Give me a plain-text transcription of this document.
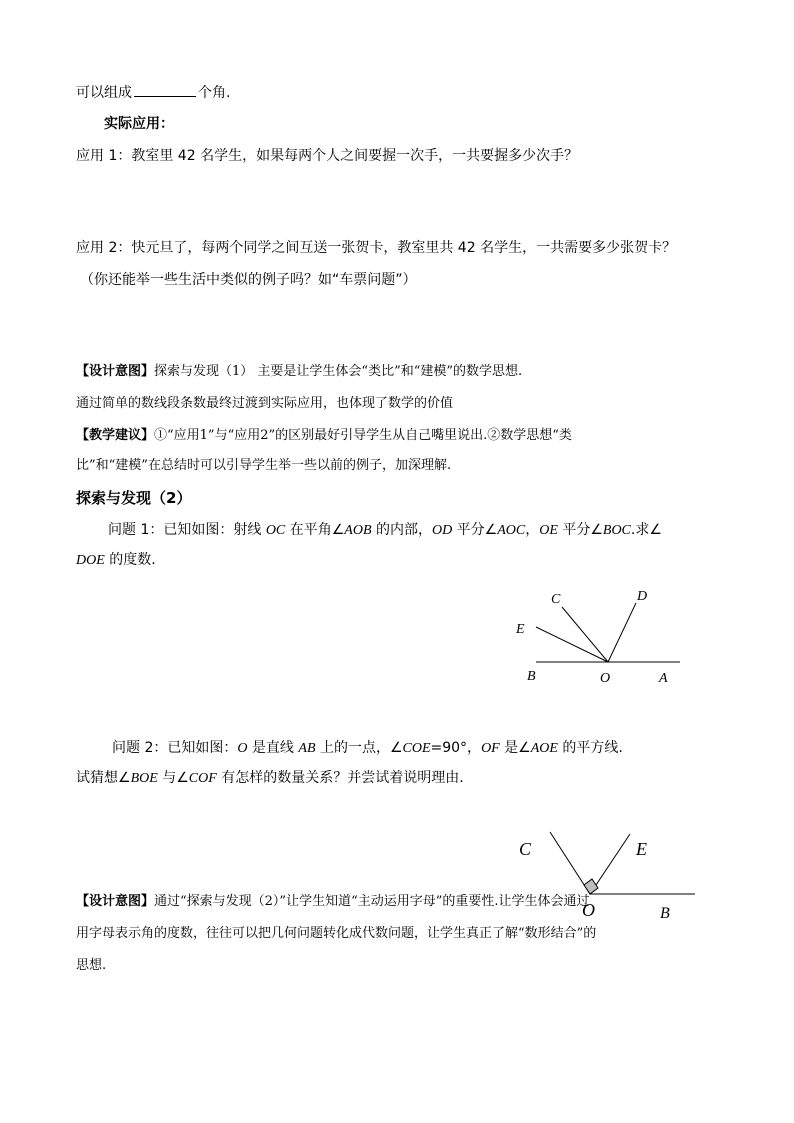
可以组成	个角.
实际应用：
应用 1：教室里 42 名学生，如果每两个人之间要握一次手，一共要握多少次手？
应用 2：快元旦了，每两个同学之间互送一张贺卡，教室里共 42 名学生，一共需要多少张贺卡？
（你还能举一些生活中类似的例子吗？如“车票问题”）
【设计意图】探索与发现（1） 主要是让学生体会“类比”和“建模”的数学思想.
通过简单的数线段条数最终过渡到实际应用，也体现了数学的价值
【教学建议】①“应用1”与“应用2”的区别最好引导学生从自己嘴里说出.②数学思想“类
比”和“建模”在总结时可以引导学生举一些以前的例子，加深理解.
探索与发现（2）
问题 1：已知如图：射线 OC 在平角∠AOB 的内部，OD 平分∠AOC，OE 平分∠BOC.求∠
DOE 的度数.
C	D
E
B	O	A
问题 2：已知如图：O 是直线 AB 上的一点，∠COE=90°，OF 是∠AOE 的平方线.
试猜想∠BOE 与∠COF 有怎样的数量关系？并尝试着说明理由.
【设计意图】通过“探索与发现（2）”让学生知道“主动运用字母”的重要性.让学生体会通过
用字母表示角的度数，往往可以把几何问题转化成代数问题，让学生真正了解“数形结合”的
思想.
C	E
O	B
